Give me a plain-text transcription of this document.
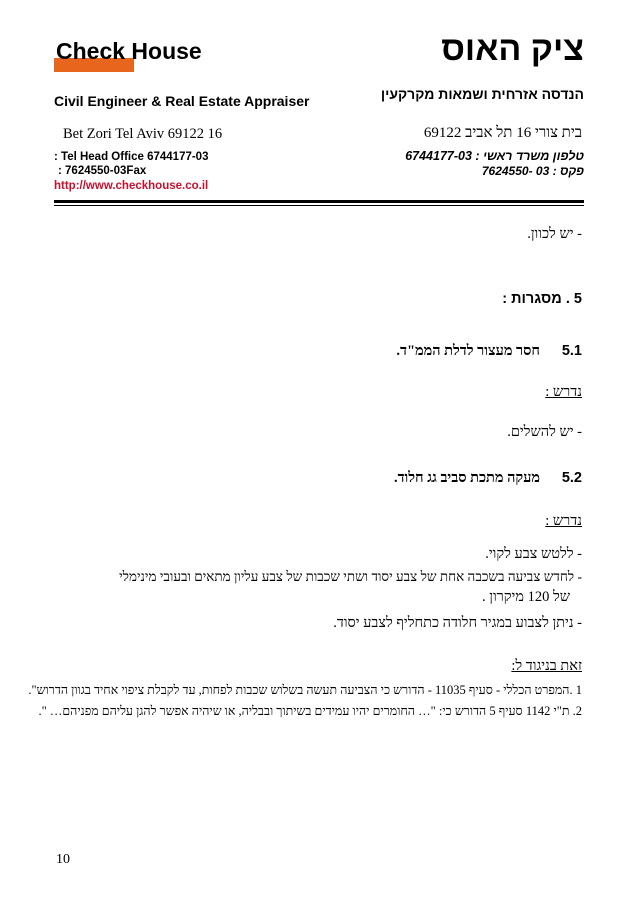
Check House
Civil Engineer & Real Estate Appraiser
Bet Zori Tel Aviv 69122 16
: Tel Head Office 6744177-03
: 7624550-03Fax
http://www.checkhouse.co.il
ציק האוס
הנדסה אזרחית ושמאות מקרקעין
בית צורי 16 תל אביב 69122
טלפון משרד ראשי : 6744177-03
פקס : 03 -7624550
- יש לכוון.
5 . מסגרות :
5.1
חסר מעצור לדלת הממ"ד.
נדרש :
- יש להשלים.
5.2
מעקה מתכת סביב גג חלוד.
נדרש :
- ללטש צבע לקוי.
- לחדש צביעה בשכבה אחת של צבע יסוד ושתי שכבות של צבע עליון מתאים ובעובי מינימלי
של 120 מיקרון .
- ניתן לצבוע במגיר חלודה כתחליף לצבע יסוד.
זאת בניגוד ל:
1 .המפרט הכללי - סעיף 11035 - הדורש כי הצביעה תעשה בשלוש שכבות לפחות, עד לקבלת ציפוי אחיד בגוון הדרוש".
2. ת"י 1142 סעיף 5 הדורש כי: "… החומרים יהיו עמידים בשיתוך ובבליה, או שיהיה אפשר להגן עליהם מפניהם… ".
10
